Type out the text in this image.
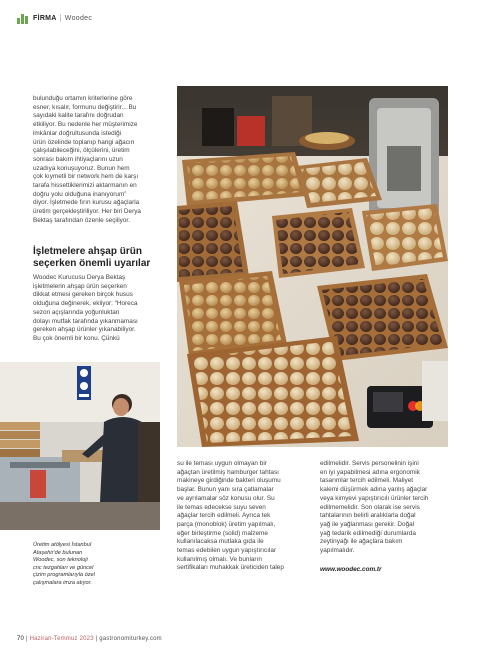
FİRMA | Woodec

bulunduğu ortamın kriterlerine göre

esner, kısalır, formunu değiştirir... Bu

sayıdaki kalite tarafını doğrudan

etkiliyor. Bu nedenle her müşterimize

imkânlar doğrultusunda istediği

ürün özelinde toplanıp hangi ağacın

çalışılabileceğini, ölçülerini, üretim

sonrası bakım ihtiyaçlarını uzun

uzadıya konuşuyoruz. Bunun hem

çok kıymetli bir network hem de karşı

tarafa hissettiklerimizi aktarmanın en

doğru yolu olduğuna inanıyorum”

diyor. İşletmede fırın kurusu ağaçlarla

üretim gerçekleştiriliyor. Her biri Derya

Bektaş tarafından özenle seçiliyor.

İşletmelere ahşap ürün seçerken önemli uyarılar

Woodec Kurucusu Derya Bektaş

işletmelerin ahşap ürün seçerken

dikkat etmesi gereken birçok husus

olduğuna değinerek, ekliyor: “Horeca

sezon açışlarında yoğunluktan

dolayı mutfak tarafında yıkanmaması

gereken ahşap ürünler yıkanabiliyor.

Bu çok önemli bir konu. Çünkü

Üretim atölyesi İstanbul

Ataşehir'de bulunan

Woodec, son teknoloji

cnc tezgahları ve güncel

çizim programlarıyla özel

çalışmalara imza atıyor.

su ile teması uygun olmayan bir

ağaçtan üretilmiş hamburger tahtası

makineye girdiğinde bakteri oluşumu

başlar. Bunun yanı sıra çatlamalar

ve ayrılamalar söz konusu olur. Su

ile temas edecekse suyu seven

ağaçlar tercih edilmeli. Ayrıca tek

parça (monoblok) üretim yapılmalı,

eğer birleştirme (solid) malzeme

kullanılacaksa mutlaka gıda ile

temas edebilen uygun yapıştırıcılar

kullanılmış olmalı. Ve bunların

sertifikaları muhakkak üreticiden talep

edilmelidir. Servis personelinin işini

en iyi yapabilmesi adına ergonomik

tasarımlar tercih edilmeli. Maliyet

kalemi düşürmek adına yanlış ağaçlar

veya kimyevi yapıştırıcılı ürünler tercih

edilmemelidir. Son olarak ise servis

tahtalarının belirli aralıklarla doğal

yağ ile yağlanması gerekir. Doğal

yağ tedarik edilmediği durumlarda

zeytinyağı ile ağaçlara bakım

yapılmalıdır.

www.woodec.com.tr

70 | Haziran-Temmuz 2023 | gastronomiturkey.com
